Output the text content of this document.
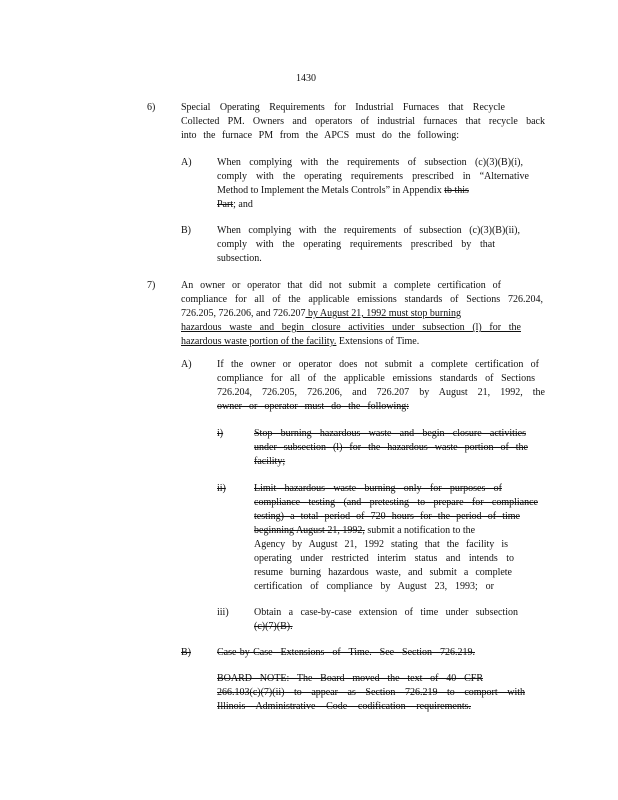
1430
6)	Special Operating Requirements for Industrial Furnaces that Recycle
Collected PM. Owners and operators of industrial furnaces that recycle back
into the furnace PM from the APCS must do the following:
A)	When complying with the requirements of subsection (c)(3)(B)(i),
comply with the operating requirements prescribed in “Alternative
Method to Implement the Metals Controls” in Appendix tb this
Part; and
B)	When complying with the requirements of subsection (c)(3)(B)(ii),
comply with the operating requirements prescribed by that
subsection.
7)	An owner or operator that did not submit a complete certification of
compliance for all of the applicable emissions standards of Sections 726.204,
726.205, 726.206, and 726.207 by August 21, 1992 must stop burning
hazardous waste and begin closure activities under subsection (l) for the
hazardous waste portion of the facility. Extensions of Time.
A)	If the owner or operator does not submit a complete certification of
compliance for all of the applicable emissions standards of Sections
726.204, 726.205, 726.206, and 726.207 by August 21, 1992, the
owner or operator must do the following:
i)	Stop burning hazardous waste and begin closure activities
under subsection (l) for the hazardous waste portion of the
facility;
ii)	Limit hazardous waste burning only for purposes of
compliance testing (and pretesting to prepare for compliance
testing) a total period of 720 hours for the period of time
beginning August 21, 1992, submit a notification to the
Agency by August 21, 1992 stating that the facility is
operating under restricted interim status and intends to
resume burning hazardous waste, and submit a complete
certification of compliance by August 23, 1993; or
iii)	Obtain a case-by-case extension of time under subsection
(c)(7)(B).
B)	Case-by-Case Extensions of Time. See Section 726.219.
BOARD NOTE: The Board moved the text of 40 CFR
266.103(c)(7)(ii) to appear as Section 726.219 to comport with
Illinois Administrative Code codification requirements.
